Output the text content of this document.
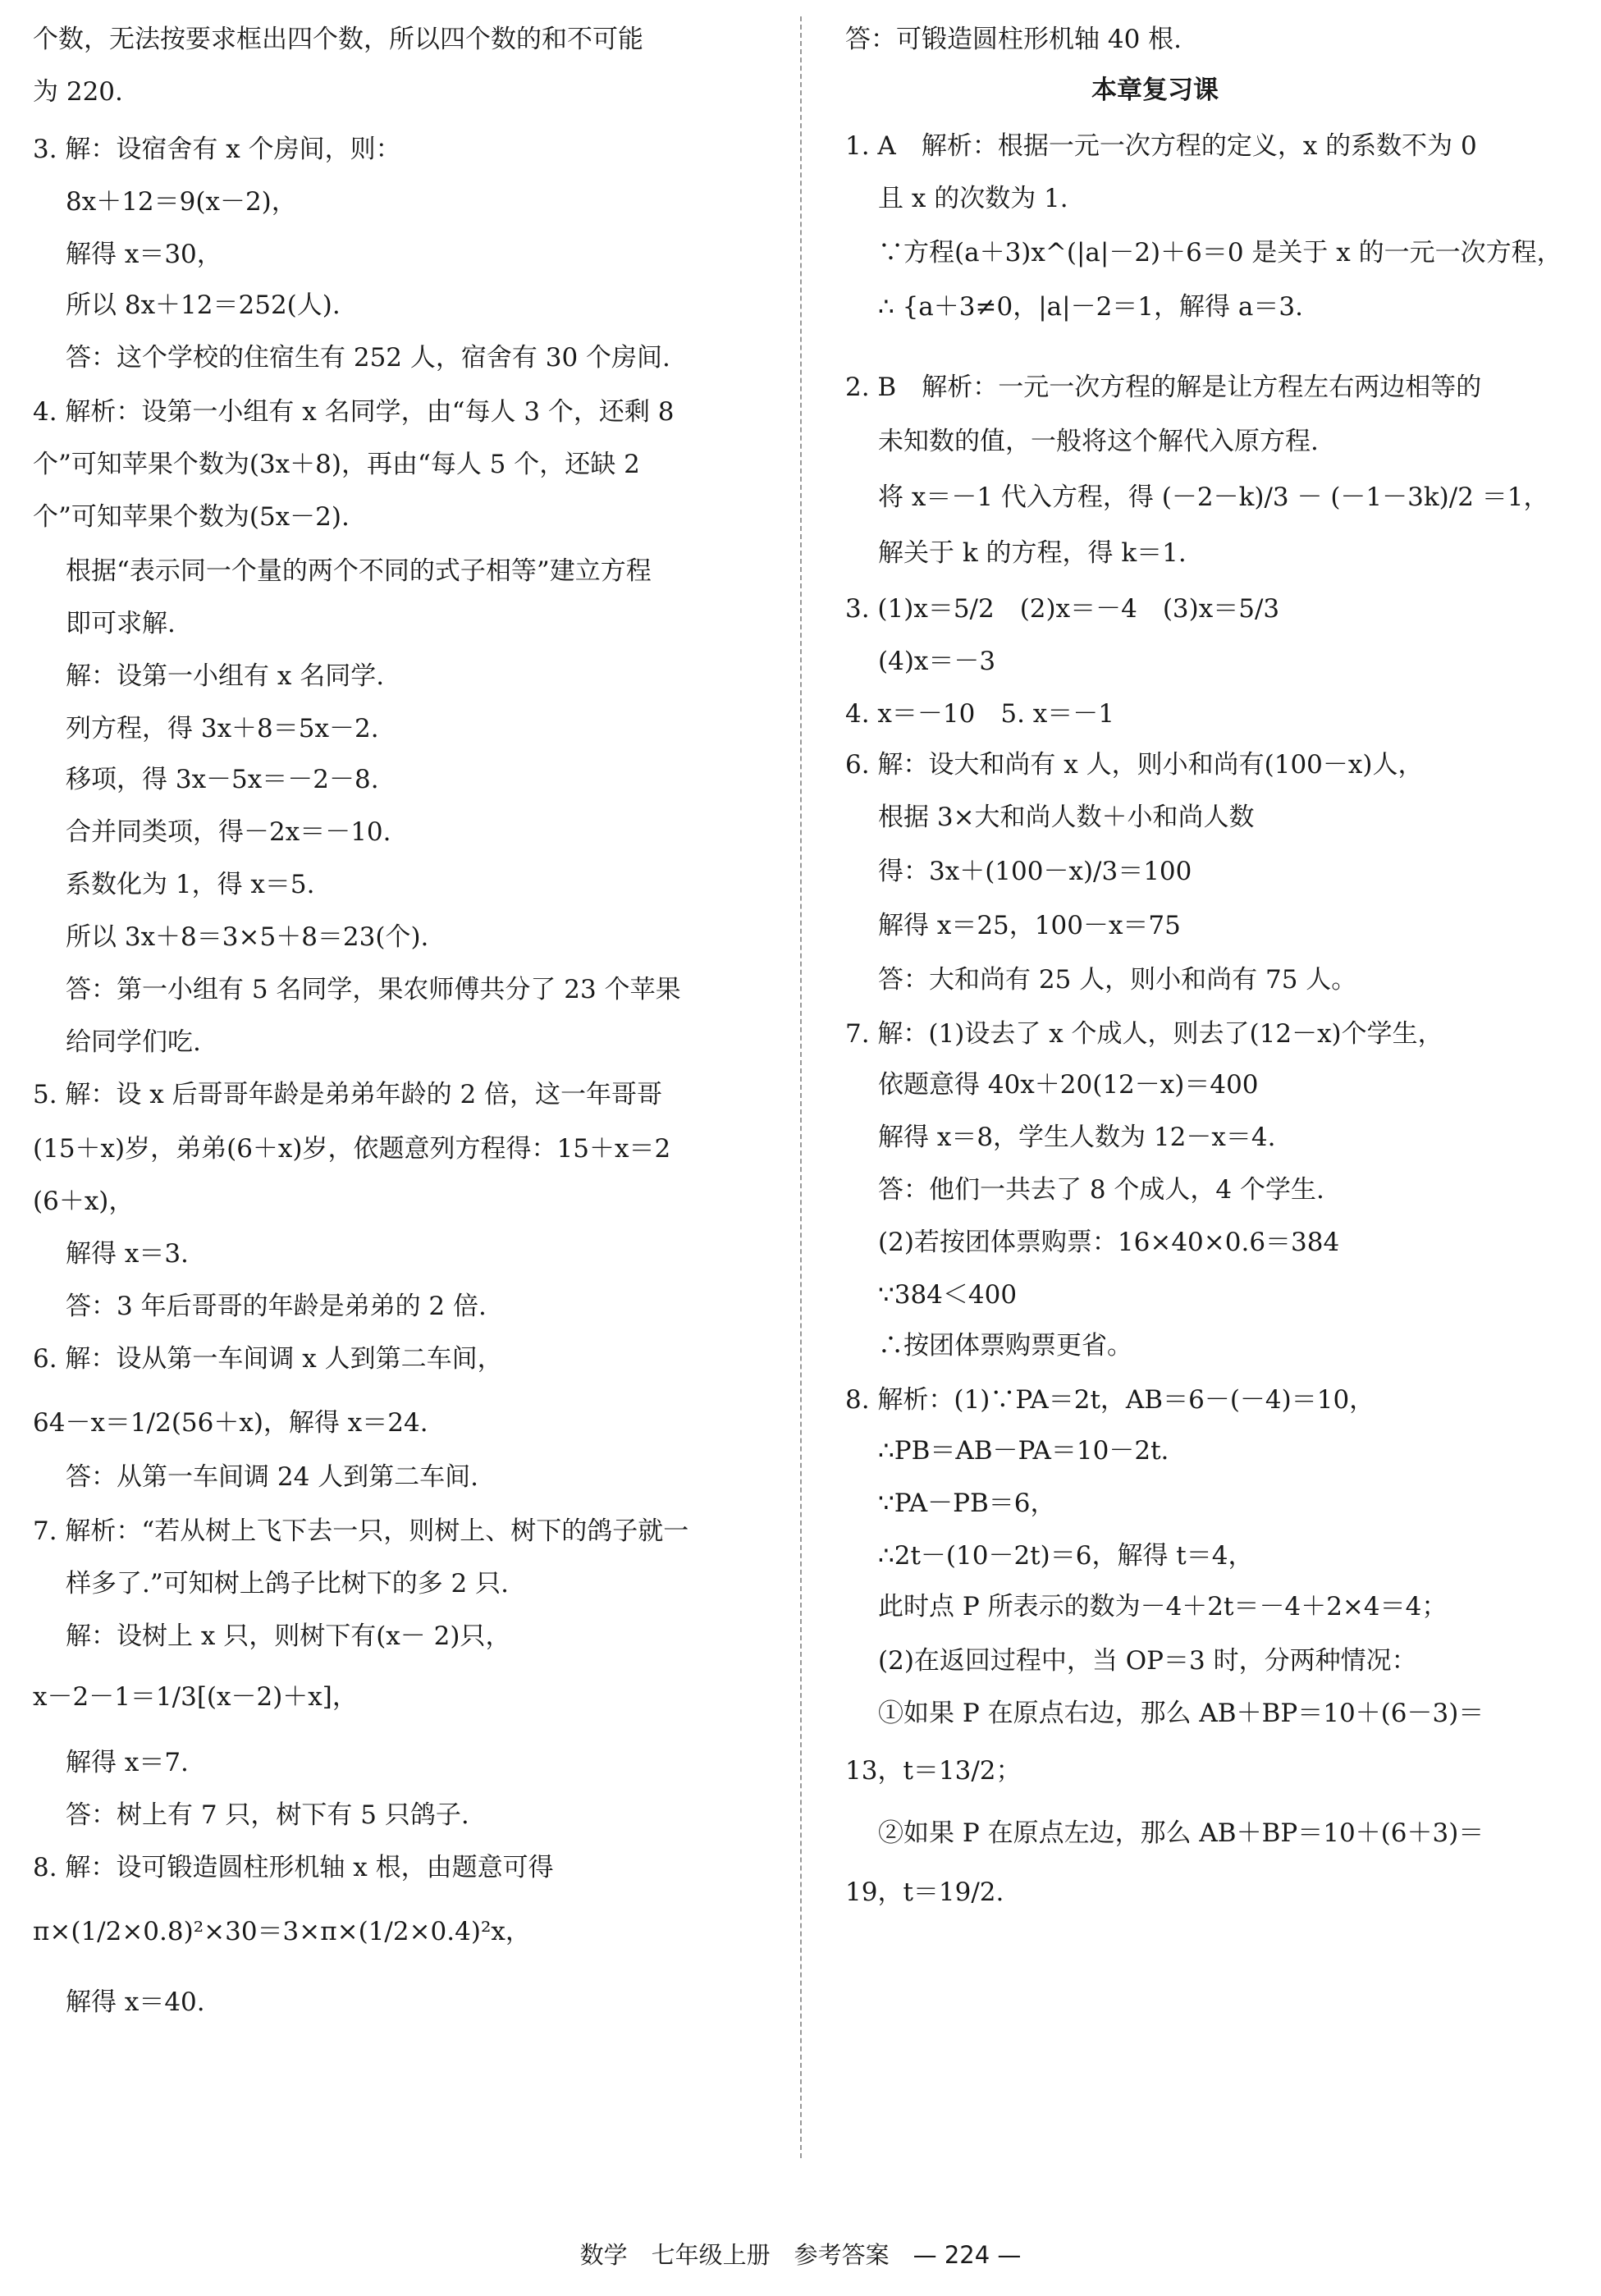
个数，无法按要求框出四个数，所以四个数的和不可能
为 220.
3. 解：设宿舍有 x 个房间，则：
8x＋12＝9(x－2)，
解得 x＝30，
所以 8x＋12＝252(人).
答：这个学校的住宿生有 252 人，宿舍有 30 个房间.
4. 解析：设第一小组有 x 名同学，由“每人 3 个，还剩 8
个”可知苹果个数为(3x＋8)，再由“每人 5 个，还缺 2
个”可知苹果个数为(5x－2).
根据“表示同一个量的两个不同的式子相等”建立方程
即可求解.
解：设第一小组有 x 名同学.
列方程，得 3x＋8＝5x－2.
移项，得 3x－5x＝－2－8.
合并同类项，得－2x＝－10.
系数化为 1，得 x＝5.
所以 3x＋8＝3×5＋8＝23(个).
答：第一小组有 5 名同学，果农师傅共分了 23 个苹果
给同学们吃.
5. 解：设 x 后哥哥年龄是弟弟年龄的 2 倍，这一年哥哥
(15＋x)岁，弟弟(6＋x)岁，依题意列方程得：15＋x＝2
(6＋x)，
解得 x＝3.
答：3 年后哥哥的年龄是弟弟的 2 倍.
6. 解：设从第一车间调 x 人到第二车间，
64－x＝1/2(56＋x)，解得 x＝24.
答：从第一车间调 24 人到第二车间.
7. 解析：“若从树上飞下去一只，则树上、树下的鸽子就一
样多了.”可知树上鸽子比树下的多 2 只.
解：设树上 x 只，则树下有(x－ 2)只，
x－2－1＝1/3[(x－2)＋x]，
解得 x＝7.
答：树上有 7 只，树下有 5 只鸽子.
8. 解：设可锻造圆柱形机轴 x 根，由题意可得
π×(1/2×0.8)²×30＝3×π×(1/2×0.4)²x，
解得 x＝40.
答：可锻造圆柱形机轴 40 根.
本章复习课
1. A　解析：根据一元一次方程的定义，x 的系数不为 0
且 x 的次数为 1.
∵方程(a＋3)x^(|a|－2)＋6＝0 是关于 x 的一元一次方程，
∴ {a＋3≠0，|a|－2＝1，解得 a＝3.
2. B　解析：一元一次方程的解是让方程左右两边相等的
未知数的值，一般将这个解代入原方程.
将 x＝－1 代入方程，得 (－2－k)/3 － (－1－3k)/2 ＝1，
解关于 k 的方程，得 k＝1.
3. (1)x＝5/2　(2)x＝－4　(3)x＝5/3
(4)x＝－3
4. x＝－10　5. x＝－1
6. 解：设大和尚有 x 人，则小和尚有(100－x)人，
根据 3×大和尚人数＋小和尚人数
得：3x＋(100－x)/3＝100
解得 x＝25，100－x＝75
答：大和尚有 25 人，则小和尚有 75 人。
7. 解：(1)设去了 x 个成人，则去了(12－x)个学生，
依题意得 40x＋20(12－x)＝400
解得 x＝8，学生人数为 12－x＝4.
答：他们一共去了 8 个成人，4 个学生.
(2)若按团体票购票：16×40×0.6＝384
∵384＜400
∴按团体票购票更省。
8. 解析：(1)∵PA＝2t，AB＝6－(－4)＝10，
∴PB＝AB－PA＝10－2t.
∵PA－PB＝6，
∴2t－(10－2t)＝6，解得 t＝4，
此时点 P 所表示的数为－4＋2t＝－4＋2×4＝4；
(2)在返回过程中，当 OP＝3 时，分两种情况：
①如果 P 在原点右边，那么 AB＋BP＝10＋(6－3)＝
13，t＝13/2；
②如果 P 在原点左边，那么 AB＋BP＝10＋(6＋3)＝
19，t＝19/2.
数学　七年级上册　参考答案　— 224 —
